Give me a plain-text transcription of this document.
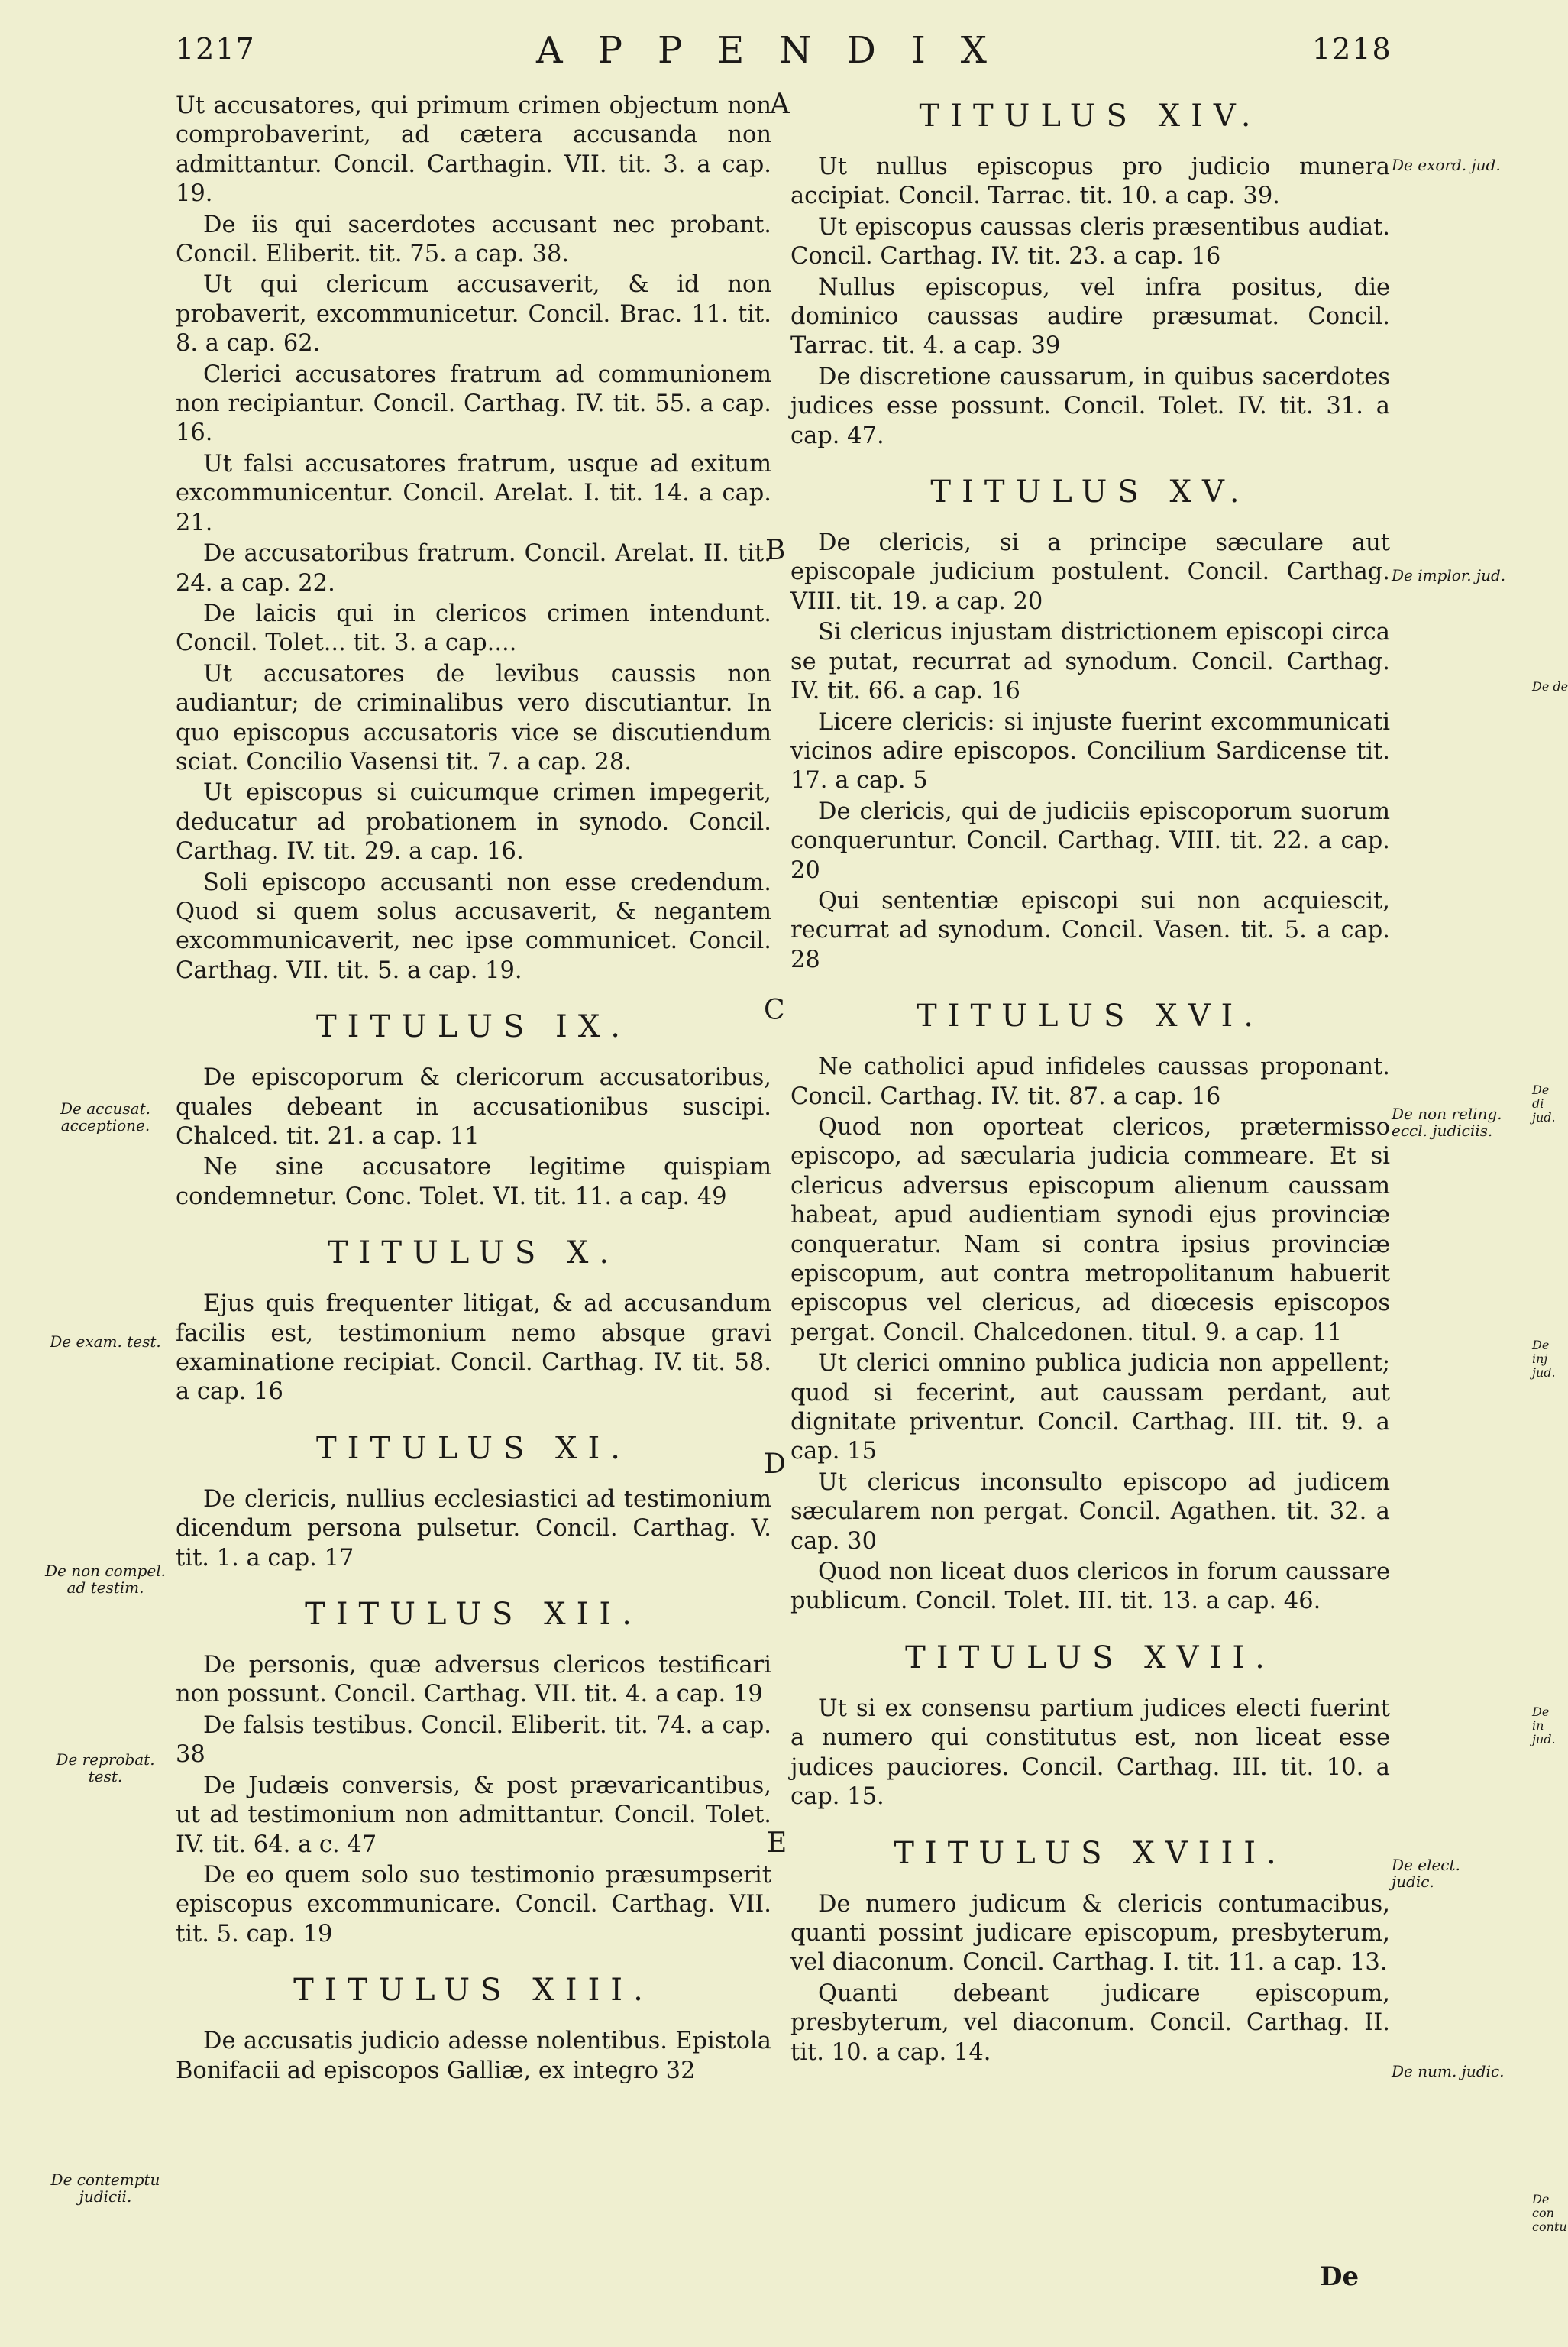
1217	APPENDIX	1218

Ut accusatores, qui primum crimen objectum non comprobaverint, ad cætera accusanda non admittantur. Concil. Carthagin. VII. tit. 3. a cap. 19.

De iis qui sacerdotes accusant nec probant. Concil. Eliberit. tit. 75. a cap. 38.

Ut qui clericum accusaverit, & id non probaverit, excommunicetur. Concil. Brac. 11. tit. 8. a cap. 62.

Clerici accusatores fratrum ad communionem non recipiantur. Concil. Carthag. IV. tit. 55. a cap. 16.

Ut falsi accusatores fratrum, usque ad exitum excommunicentur. Concil. Arelat. I. tit. 14. a cap. 21.

De accusatoribus fratrum. Concil. Arelat. II. tit. 24. a cap. 22.

De laicis qui in clericos crimen intendunt. Concil. Tolet... tit. 3. a cap....

Ut accusatores de levibus caussis non audiantur; de criminalibus vero discutiantur. In quo episcopus accusatoris vice se discutiendum sciat. Concilio Vasensi tit. 7. a cap. 28.

Ut episcopus si cuicumque crimen impegerit, deducatur ad probationem in synodo. Concil. Carthag. IV. tit. 29. a cap. 16.

Soli episcopo accusanti non esse credendum. Quod si quem solus accusaverit, & negantem excommunicaverit, nec ipse communicet. Concil. Carthag. VII. tit. 5. a cap. 19.

TITULUS IX.

De episcoporum & clericorum accusatoribus, quales debeant in accusationibus suscipi. Chalced. tit. 21. a cap. 11

Ne sine accusatore legitime quispiam condemnetur. Conc. Tolet. VI. tit. 11. a cap. 49

TITULUS X.

Ejus quis frequenter litigat, & ad accusandum facilis est, testimonium nemo absque gravi examinatione recipiat. Concil. Carthag. IV. tit. 58. a cap. 16

TITULUS XI.

De clericis, nullius ecclesiastici ad testimonium dicendum persona pulsetur. Concil. Carthag. V. tit. 1. a cap. 17

TITULUS XII.

De personis, quæ adversus clericos testificari non possunt. Concil. Carthag. VII. tit. 4. a cap. 19

De falsis testibus. Concil. Eliberit. tit. 74. a cap. 38

De Judæis conversis, & post prævaricantibus, ut ad testimonium non admittantur. Concil. Tolet. IV. tit. 64. a c. 47

De eo quem solo suo testimonio præsumpserit episcopus excommunicare. Concil. Carthag. VII. tit. 5. cap. 19

TITULUS XIII.

De accusatis judicio adesse nolentibus. Epistola Bonifacii ad episcopos Galliæ, ex integro 32

TITULUS XIV.

Ut nullus episcopus pro judicio munera accipiat. Concil. Tarrac. tit. 10. a cap. 39.

Ut episcopus caussas cleris præsentibus audiat. Concil. Carthag. IV. tit. 23. a cap. 16

Nullus episcopus, vel infra positus, die dominico caussas audire præsumat. Concil. Tarrac. tit. 4. a cap. 39

De discretione caussarum, in quibus sacerdotes judices esse possunt. Concil. Tolet. IV. tit. 31. a cap. 47.

TITULUS XV.

De clericis, si a principe sæculare aut episcopale judicium postulent. Concil. Carthag. VIII. tit. 19. a cap. 20

Si clericus injustam districtionem episcopi circa se putat, recurrat ad synodum. Concil. Carthag. IV. tit. 66. a cap. 16

Licere clericis: si injuste fuerint excommunicati vicinos adire episcopos. Concilium Sardicense tit. 17. a cap. 5

De clericis, qui de judiciis episcoporum suorum conqueruntur. Concil. Carthag. VIII. tit. 22. a cap. 20

Qui sententiæ episcopi sui non acquiescit, recurrat ad synodum. Concil. Vasen. tit. 5. a cap. 28

TITULUS XVI.

Ne catholici apud infideles caussas proponant. Concil. Carthag. IV. tit. 87. a cap. 16

Quod non oporteat clericos, prætermisso episcopo, ad sæcularia judicia commeare. Et si clericus adversus episcopum alienum caussam habeat, apud audientiam synodi ejus provinciæ conqueratur. Nam si contra ipsius provinciæ episcopum, aut contra metropolitanum habuerit episcopus vel clericus, ad diœcesis episcopos pergat. Concil. Chalcedonen. titul. 9. a cap. 11

Ut clerici omnino publica judicia non appellent; quod si fecerint, aut caussam perdant, aut dignitate priventur. Concil. Carthag. III. tit. 9. a cap. 15

Ut clericus inconsulto episcopo ad judicem sæcularem non pergat. Concil. Agathen. tit. 32. a cap. 30

Quod non liceat duos clericos in forum caussare publicum. Concil. Tolet. III. tit. 13. a cap. 46.

TITULUS XVII.

Ut si ex consensu partium judices electi fuerint a numero qui constitutus est, non liceat esse judices pauciores. Concil. Carthag. III. tit. 10. a cap. 15.

TITULUS XVIII.

De numero judicum & clericis contumacibus, quanti possint judicare episcopum, presbyterum, vel diaconum. Concil. Carthag. I. tit. 11. a cap. 13.

Quanti debeant judicare episcopum, presbyterum, vel diaconum. Concil. Carthag. II. tit. 10. a cap. 14.

De accusat. acceptione.
De exam. test.
De non compel. ad testim.
De reprobat. test.
De contemptu judicii.
De exord. jud.
De implor. jud.
De non reling. eccl. judiciis.
De elect. judic.
De num. judic.
De de
De di jud.
De inj jud.
De in jud.
De con contu
A
B
C
D
E
De
